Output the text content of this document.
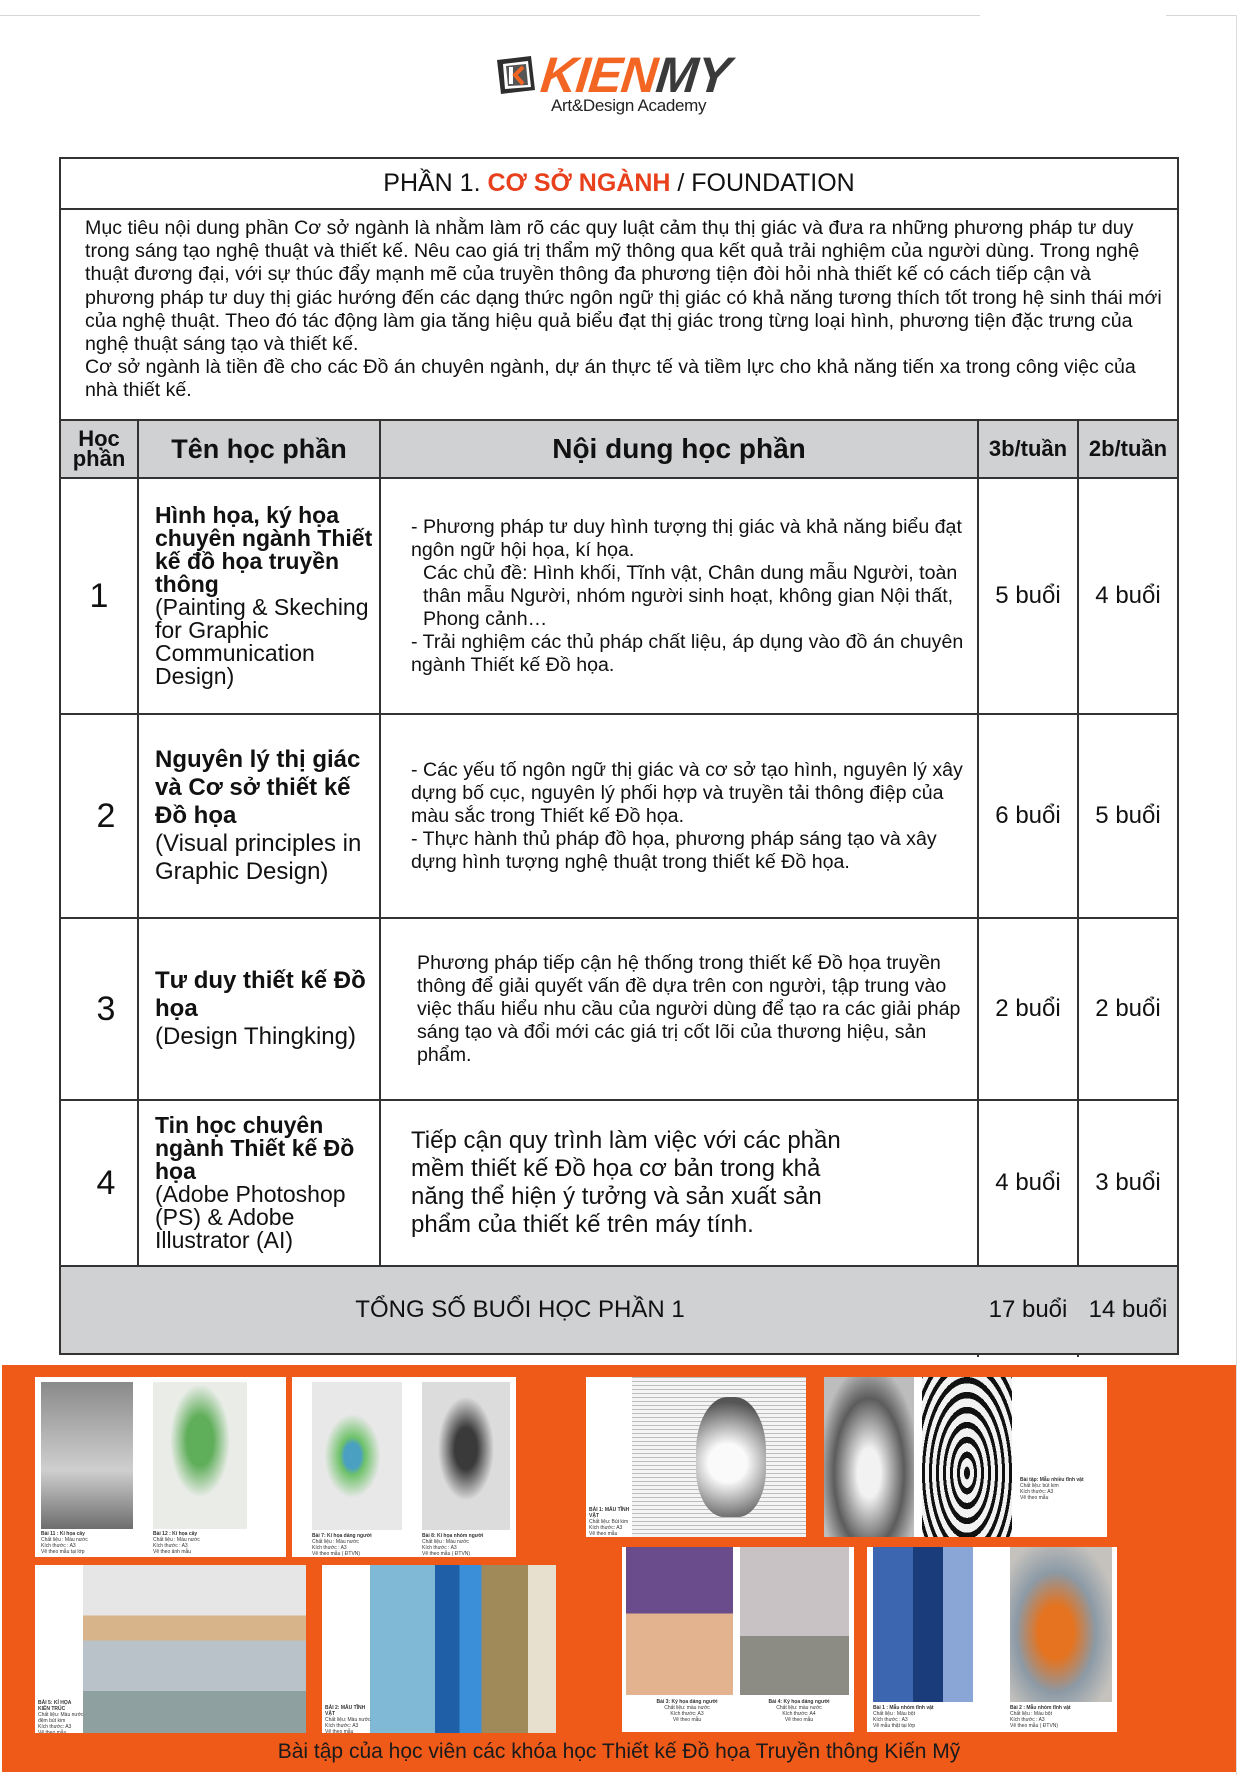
KIENMY
Art&Design Academy
PHẦN 1. CƠ SỞ NGÀNH / FOUNDATION

Mục tiêu nội dung phần Cơ sở ngành là nhằm làm rõ các quy luật cảm thụ thị giác và đưa ra những phương pháp tư duy trong sáng tạo nghệ thuật và thiết kế. Nêu cao giá trị thẩm mỹ thông qua kết quả trải nghiệm của người dùng. Trong nghệ thuật đương đại, với sự thúc đẩy mạnh mẽ của truyền thông đa phương tiện đòi hỏi nhà thiết kế có cách tiếp cận và phương pháp tư duy thị giác hướng đến các dạng thức ngôn ngữ thị giác có khả năng tương thích tốt trong hệ sinh thái mới của nghệ thuật. Theo đó tác động làm gia tăng hiệu quả biểu đạt thị giác trong từng loại hình, phương tiện đặc trưng của nghệ thuật sáng tạo và thiết kế.

Cơ sở ngành là tiền đề cho các Đồ án chuyên ngành, dự án thực tế và tiềm lực cho khả năng tiến xa trong công việc của nhà thiết kế.

Học phần	Tên học phần	Nội dung học phần	3b/tuần 2b/tuần
1
Hình họa, ký họa chuyên ngành Thiết kế đồ họa truyền thông
(Painting & Skeching for Graphic Communication Design)

- Phương pháp tư duy hình tượng thị giác và khả năng biểu đạt ngôn ngữ hội họa, kí họa.

Các chủ đề: Hình khối, Tĩnh vật, Chân dung mẫu Người, toàn thân mẫu Người, nhóm người sinh hoạt, không gian Nội thất, Phong cảnh…

- Trải nghiệm các thủ pháp chất liệu, áp dụng vào đồ án chuyên ngành Thiết kế Đồ họa.

5 buổi	4 buổi
2
Nguyên lý thị giác và Cơ sở thiết kế Đồ họa
(Visual principles in Graphic Design)

- Các yếu tố ngôn ngữ thị giác và cơ sở tạo hình, nguyên lý xây dựng bố cục, nguyên lý phối hợp và truyền tải thông điệp của màu sắc trong Thiết kế Đồ họa.

- Thực hành thủ pháp đồ họa, phương pháp sáng tạo và xây dựng hình tượng nghệ thuật trong thiết kế Đồ họa.

6 buổi	5 buổi
3
Tư duy thiết kế Đồ họa
(Design Thingking)

Phương pháp tiếp cận hệ thống trong thiết kế Đồ họa truyền thông để giải quyết vấn đề dựa trên con người, tập trung vào việc thấu hiểu nhu cầu của người dùng để tạo ra các giải pháp sáng tạo và đổi mới các giá trị cốt lõi của thương hiệu, sản phẩm.

2 buổi	2 buổi
4
Tin học chuyên ngành Thiết kế Đồ họa
(Adobe Photoshop (PS) & Adobe Illustrator (AI)

Tiếp cận quy trình làm việc với các phần mềm thiết kế Đồ họa cơ bản trong khả năng thể hiện ý tưởng và sản xuất sản phẩm của thiết kế trên máy tính.

4 buổi	3 buổi
TỔNG SỐ BUỔI HỌC PHẦN 1	17 buổi 14 buổi
Bài 11 : Kí họa cây
Chất liệu : Màu nước
Kích thước : A3
Vẽ theo mẫu tại lớp
Bài 12 : Kí họa cây
Chất liệu : Màu nước
Kích thước : A3
Vẽ theo ảnh mẫu
Bài 7: Kí họa dáng người
Chất liệu : Màu nước
Kích thước : A3
Vẽ theo mẫu ( ĐTVN)
Bài 8: Kí họa nhóm người
Chất liệu : Màu nước
Kích thước : A3
Vẽ theo mẫu ( ĐTVN)
BÀI 1: MẪU TĨNH VẬT
Chất liệu: Bút kim
Kích thước: A3
Vẽ theo mẫu
Bài tập: Mẫu nhiều tĩnh vật
Chất liệu: bút kim
Kích thước: A3
Vẽ theo mẫu
BÀI 5: KÍ HỌA KIẾN TRÚC
Chất liệu: Màu nước
đệm bút kim
Kích thước: A3
Vẽ theo mẫu
BÀI 2: MẪU TĨNH VẬT
Chất liệu: Màu nước
Kích thước: A3
Vẽ theo mẫu
Bài 3: Ký họa dáng người
Chất liệu: màu nước
Kích thước: A3
Vẽ theo mẫu
Bài 4: Ký họa dáng người
Chất liệu: màu nước
Kích thước: A4
Vẽ theo mẫu
Bài 1 : Mẫu nhóm tĩnh vật
Chất liệu : Màu bột
Kích thước : A3
Vẽ mẫu thật tại lớp
Bài 2 : Mẫu nhóm tĩnh vật
Chất liệu : Màu bột
Kích thước : A3
Vẽ theo mẫu ( ĐTVN)
Bài tập của học viên các khóa học Thiết kế Đồ họa Truyền thông Kiến Mỹ
